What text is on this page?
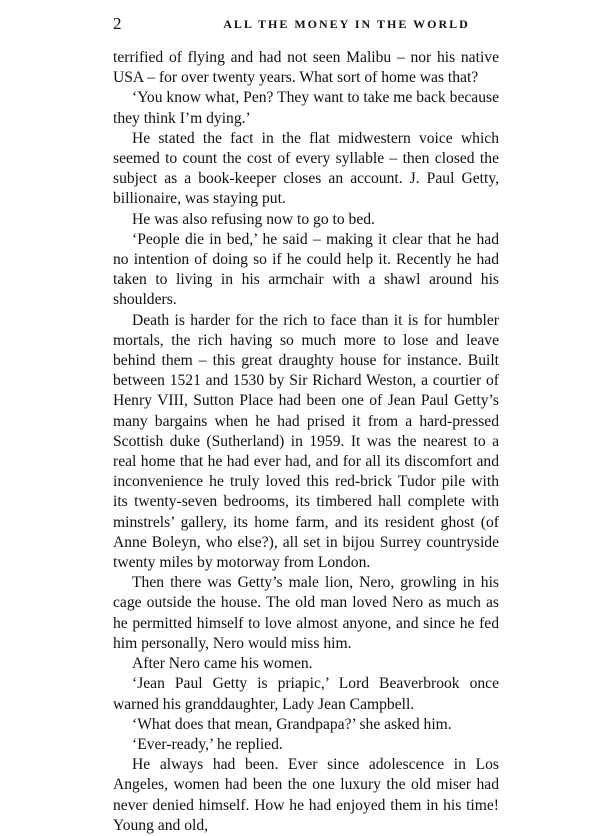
2	ALL THE MONEY IN THE WORLD

terrified of flying and had not seen Malibu – nor his native USA – for over twenty years. What sort of home was that?

‘You know what, Pen? They want to take me back because they think I’m dying.’

He stated the fact in the flat midwestern voice which seemed to count the cost of every syllable – then closed the subject as a book-keeper closes an account. J. Paul Getty, billionaire, was staying put.

He was also refusing now to go to bed.

‘People die in bed,’ he said – making it clear that he had no intention of doing so if he could help it. Recently he had taken to living in his armchair with a shawl around his shoulders.

Death is harder for the rich to face than it is for humbler mortals, the rich having so much more to lose and leave behind them – this great draughty house for instance. Built between 1521 and 1530 by Sir Richard Weston, a courtier of Henry VIII, Sutton Place had been one of Jean Paul Getty’s many bargains when he had prised it from a hard-pressed Scottish duke (Sutherland) in 1959. It was the nearest to a real home that he had ever had, and for all its discomfort and inconvenience he truly loved this red-brick Tudor pile with its twenty-seven bedrooms, its timbered hall complete with minstrels’ gallery, its home farm, and its resident ghost (of Anne Boleyn, who else?), all set in bijou Surrey countryside twenty miles by motorway from London.

Then there was Getty’s male lion, Nero, growling in his cage outside the house. The old man loved Nero as much as he permitted himself to love almost anyone, and since he fed him personally, Nero would miss him.

After Nero came his women.

‘Jean Paul Getty is priapic,’ Lord Beaverbrook once warned his granddaughter, Lady Jean Campbell.

‘What does that mean, Grandpapa?’ she asked him.

‘Ever-ready,’ he replied.

He always had been. Ever since adolescence in Los Angeles, women had been the one luxury the old miser had never denied himself. How he had enjoyed them in his time! Young and old,
